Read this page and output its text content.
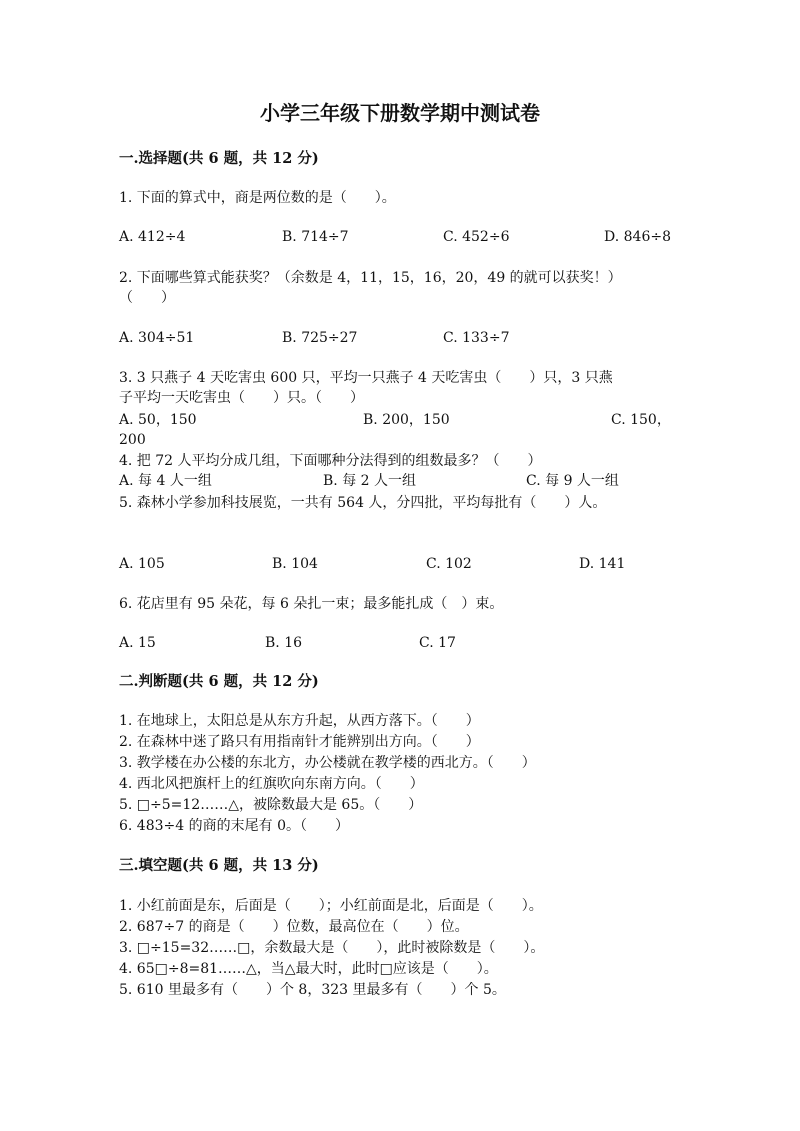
小学三年级下册数学期中测试卷
一.选择题(共 6 题，共 12 分)
1. 下面的算式中，商是两位数的是（　　）。
A. 412÷4	B. 714÷7	C. 452÷6	D. 846÷8
2. 下面哪些算式能获奖？（余数是 4，11，15，16，20，49 的就可以获奖！）
（　　）
A. 304÷51	B. 725÷27	C. 133÷7
3. 3 只燕子 4 天吃害虫 600 只，平均一只燕子 4 天吃害虫（　　）只，3 只燕
子平均一天吃害虫（　　）只。（　　）
A. 50，150	B. 200，150	C. 150，
200
4. 把 72 人平均分成几组，下面哪种分法得到的组数最多？（　　）
A. 每 4 人一组	B. 每 2 人一组	C. 每 9 人一组
5. 森林小学参加科技展览，一共有 564 人，分四批，平均每批有（　　）人。
A. 105	B. 104	C. 102	D. 141
6. 花店里有 95 朵花，每 6 朵扎一束；最多能扎成（　）束。
A. 15	B. 16	C. 17
二.判断题(共 6 题，共 12 分)
1. 在地球上，太阳总是从东方升起，从西方落下。（　　）
2. 在森林中迷了路只有用指南针才能辨别出方向。（　　）
3. 教学楼在办公楼的东北方，办公楼就在教学楼的西北方。（　　）
4. 西北风把旗杆上的红旗吹向东南方向。（　　）
5. □÷5=12……△，被除数最大是 65。（　　）
6. 483÷4 的商的末尾有 0。（　　）
三.填空题(共 6 题，共 13 分)
1. 小红前面是东，后面是（　　）；小红前面是北，后面是（　　）。
2. 687÷7 的商是（　　）位数，最高位在（　　）位。
3. □÷15=32……□，余数最大是（　　），此时被除数是（　　）。
4. 65□÷8=81……△，当△最大时，此时□应该是（　　）。
5. 610 里最多有（　　）个 8，323 里最多有（　　）个 5。
